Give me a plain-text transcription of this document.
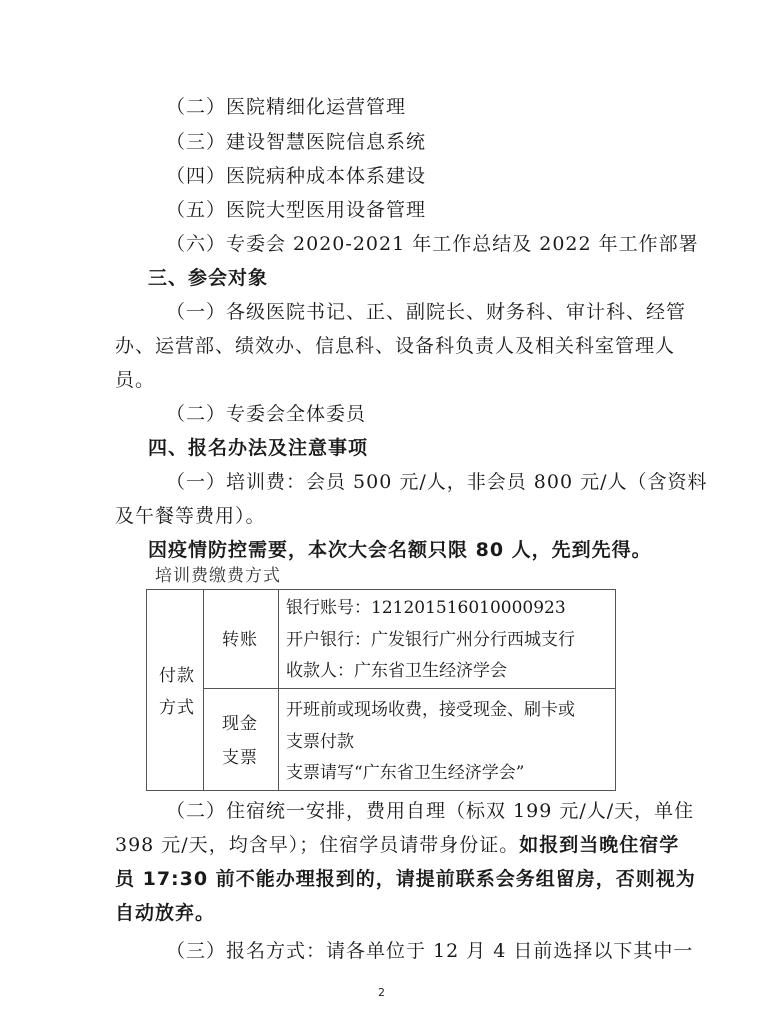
（二）医院精细化运营管理
（三）建设智慧医院信息系统
（四）医院病种成本体系建设
（五）医院大型医用设备管理
（六）专委会 2020-2021 年工作总结及 2022 年工作部署
三、参会对象
（一）各级医院书记、正、副院长、财务科、审计科、经管
办、运营部、绩效办、信息科、设备科负责人及相关科室管理人
员。
（二）专委会全体委员
四、报名办法及注意事项
（一）培训费：会员 500 元/人，非会员 800 元/人（含资料
及午餐等费用）。
因疫情防控需要，本次大会名额只限 80 人，先到先得。
培训费缴费方式
付款
方式
转账
银行账号：121201516010000923
开户银行：广发银行广州分行西城支行
收款人：广东省卫生经济学会
现金
支票
开班前或现场收费，接受现金、刷卡或
支票付款
支票请写“广东省卫生经济学会”
（二）住宿统一安排，费用自理（标双 199 元/人/天，单住
398 元/天，均含早）；住宿学员请带身份证。如报到当晚住宿学
员 17:30 前不能办理报到的，请提前联系会务组留房，否则视为
自动放弃。
（三）报名方式：请各单位于 12 月 4 日前选择以下其中一
2
